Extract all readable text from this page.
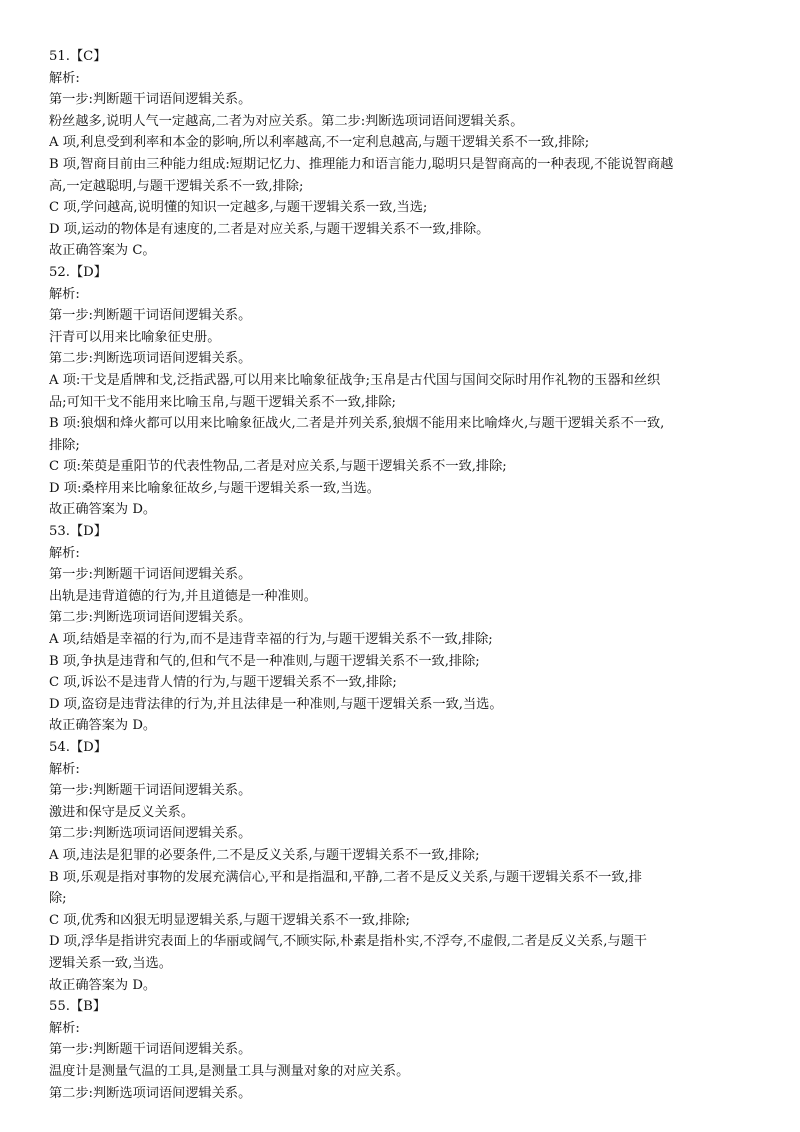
51.【C】
解析:
第一步:判断题干词语间逻辑关系。
粉丝越多,说明人气一定越高,二者为对应关系。第二步:判断选项词语间逻辑关系。
A 项,利息受到利率和本金的影响,所以利率越高,不一定利息越高,与题干逻辑关系不一致,排除;
B 项,智商目前由三种能力组成:短期记忆力、推理能力和语言能力,聪明只是智商高的一种表现,不能说智商越
高,一定越聪明,与题干逻辑关系不一致,排除;
C 项,学问越高,说明懂的知识一定越多,与题干逻辑关系一致,当选;
D 项,运动的物体是有速度的,二者是对应关系,与题干逻辑关系不一致,排除。
故正确答案为 C。
52.【D】
解析:
第一步:判断题干词语间逻辑关系。
汗青可以用来比喻象征史册。
第二步:判断选项词语间逻辑关系。
A 项:干戈是盾牌和戈,泛指武器,可以用来比喻象征战争;玉帛是古代国与国间交际时用作礼物的玉器和丝织
品;可知干戈不能用来比喻玉帛,与题干逻辑关系不一致,排除;
B 项:狼烟和烽火都可以用来比喻象征战火,二者是并列关系,狼烟不能用来比喻烽火,与题干逻辑关系不一致,
排除;
C 项:茱萸是重阳节的代表性物品,二者是对应关系,与题干逻辑关系不一致,排除;
D 项:桑梓用来比喻象征故乡,与题干逻辑关系一致,当选。
故正确答案为 D。
53.【D】
解析:
第一步:判断题干词语间逻辑关系。
出轨是违背道德的行为,并且道德是一种准则。
第二步:判断选项词语间逻辑关系。
A 项,结婚是幸福的行为,而不是违背幸福的行为,与题干逻辑关系不一致,排除;
B 项,争执是违背和气的,但和气不是一种准则,与题干逻辑关系不一致,排除;
C 项,诉讼不是违背人情的行为,与题干逻辑关系不一致,排除;
D 项,盗窃是违背法律的行为,并且法律是一种准则,与题干逻辑关系一致,当选。
故正确答案为 D。
54.【D】
解析:
第一步:判断题干词语间逻辑关系。
激进和保守是反义关系。
第二步:判断选项词语间逻辑关系。
A 项,违法是犯罪的必要条件,二不是反义关系,与题干逻辑关系不一致,排除;
B 项,乐观是指对事物的发展充满信心,平和是指温和,平静,二者不是反义关系,与题干逻辑关系不一致,排
除;
C 项,优秀和凶狠无明显逻辑关系,与题干逻辑关系不一致,排除;
D 项,浮华是指讲究表面上的华丽或阔气,不顾实际,朴素是指朴实,不浮夸,不虚假,二者是反义关系,与题干
逻辑关系一致,当选。
故正确答案为 D。
55.【B】
解析:
第一步:判断题干词语间逻辑关系。
温度计是测量气温的工具,是测量工具与测量对象的对应关系。
第二步:判断选项词语间逻辑关系。
